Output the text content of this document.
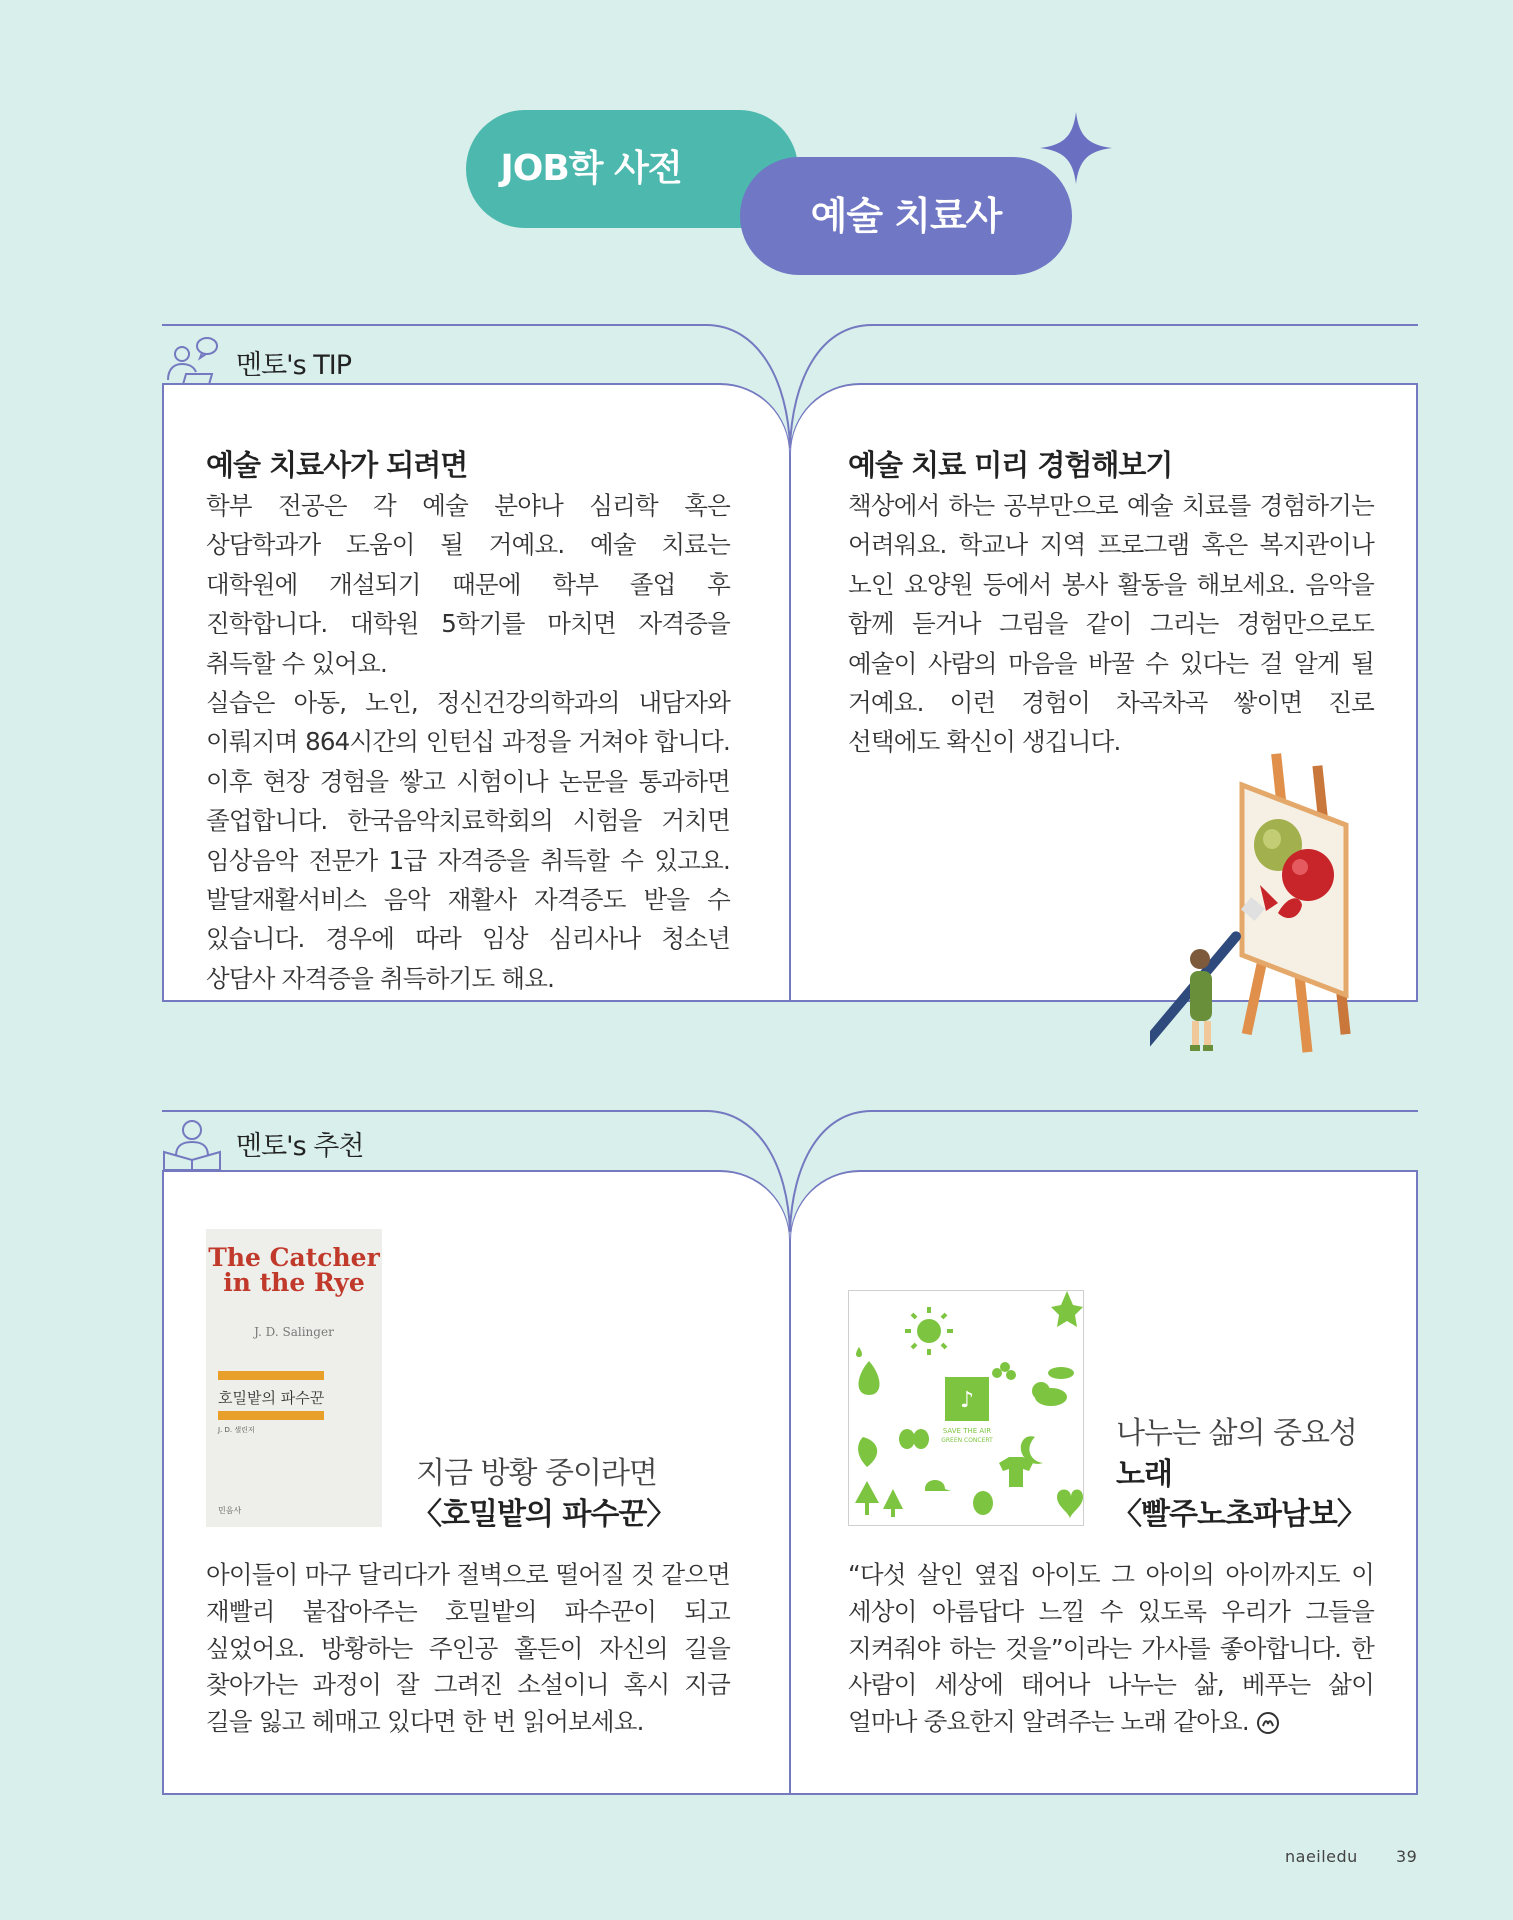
JOB학 사전
예술 치료사
멘토's TIP
예술 치료사가 되려면

학부 전공은 각 예술 분야나 심리학 혹은 상담학과가 도움이 될 거예요. 예술 치료는 대학원에 개설되기 때문에 학부 졸업 후 진학합니다. 대학원 5학기를 마치면 자격증을 취득할 수 있어요.

실습은 아동, 노인, 정신건강의학과의 내담자와 이뤄지며 864시간의 인턴십 과정을 거쳐야 합니다. 이후 현장 경험을 쌓고 시험이나 논문을 통과하면 졸업합니다. 한국음악치료학회의 시험을 거치면 임상음악 전문가 1급 자격증을 취득할 수 있고요. 발달재활서비스 음악 재활사 자격증도 받을 수 있습니다. 경우에 따라 임상 심리사나 청소년 상담사 자격증을 취득하기도 해요.

예술 치료 미리 경험해보기

책상에서 하는 공부만으로 예술 치료를 경험하기는 어려워요. 학교나 지역 프로그램 혹은 복지관이나 노인 요양원 등에서 봉사 활동을 해보세요. 음악을 함께 듣거나 그림을 같이 그리는 경험만으로도 예술이 사람의 마음을 바꿀 수 있다는 걸 알게 될 거예요. 이런 경험이 차곡차곡 쌓이면 진로 선택에도 확신이 생깁니다.

멘토's 추천
The Catcher in the Rye
J. D. Salinger
호밀밭의 파수꾼
J. D. 샐린저
민음사
지금 방황 중이라면
〈호밀밭의 파수꾼〉
아이들이 마구 달리다가 절벽으로 떨어질 것 같으면 재빨리 붙잡아주는 호밀밭의 파수꾼이 되고 싶었어요. 방황하는 주인공 홀든이 자신의 길을 찾아가는 과정이 잘 그려진 소설이니 혹시 지금 길을 잃고 헤매고 있다면 한 번 읽어보세요.
♪
SAVE THE AIR
GREEN CONCERT	나누는 삶의 중요성
노래
〈빨주노초파남보〉
“다섯 살인 옆집 아이도 그 아이의 아이까지도 이 세상이 아름답다 느낄 수 있도록 우리가 그들을 지켜줘야 하는 것을”이라는 가사를 좋아합니다. 한 사람이 세상에 태어나 나누는 삶, 베푸는 삶이 얼마나 중요한지 알려주는 노래 같아요.
naeiledu 39
